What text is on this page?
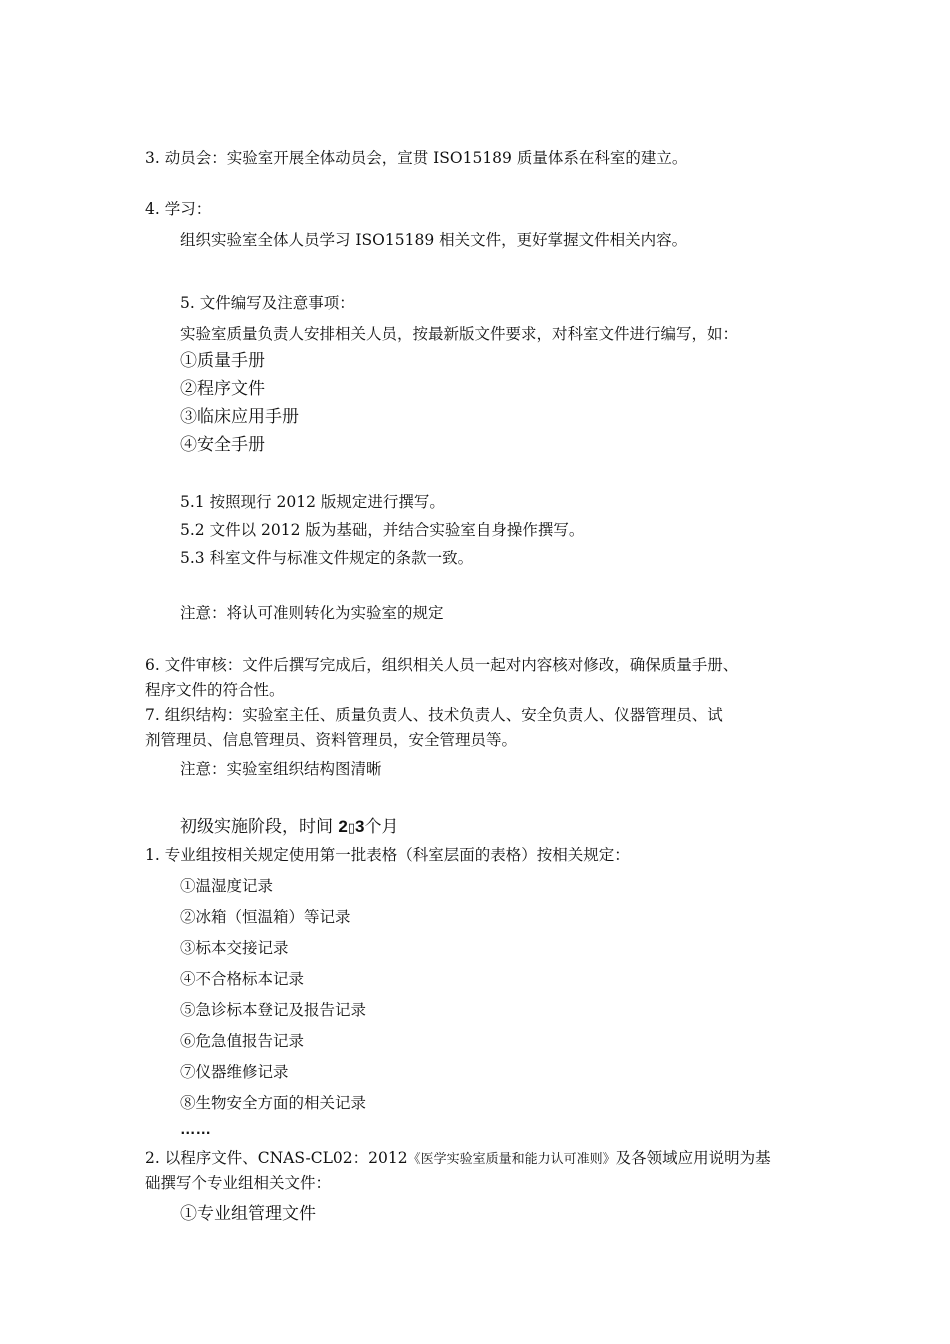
3. 动员会：实验室开展全体动员会，宣贯 ISO15189 质量体系在科室的建立。
4. 学习：
组织实验室全体人员学习 ISO15189 相关文件，更好掌握文件相关内容。
5. 文件编写及注意事项：
实验室质量负责人安排相关人员，按最新版文件要求，对科室文件进行编写，如：
①质量手册
②程序文件
③临床应用手册
④安全手册
5.1 按照现行 2012 版规定进行撰写。
5.2 文件以 2012 版为基础，并结合实验室自身操作撰写。
5.3 科室文件与标准文件规定的条款一致。
注意：将认可准则转化为实验室的规定
6. 文件审核：文件后撰写完成后，组织相关人员一起对内容核对修改，确保质量手册、
程序文件的符合性。
7. 组织结构：实验室主任、质量负责人、技术负责人、安全负责人、仪器管理员、试
剂管理员、信息管理员、资料管理员，安全管理员等。
注意：实验室组织结构图清晰
初级实施阶段，时间 2▯3个月
1. 专业组按相关规定使用第一批表格（科室层面的表格）按相关规定：
①温湿度记录
②冰箱（恒温箱）等记录
③标本交接记录
④不合格标本记录
⑤急诊标本登记及报告记录
⑥危急值报告记录
⑦仪器维修记录
⑧生物安全方面的相关记录
……
2. 以程序文件、CNAS-CL02：2012《医学实验室质量和能力认可准则》及各领域应用说明为基
础撰写个专业组相关文件：
①专业组管理文件
